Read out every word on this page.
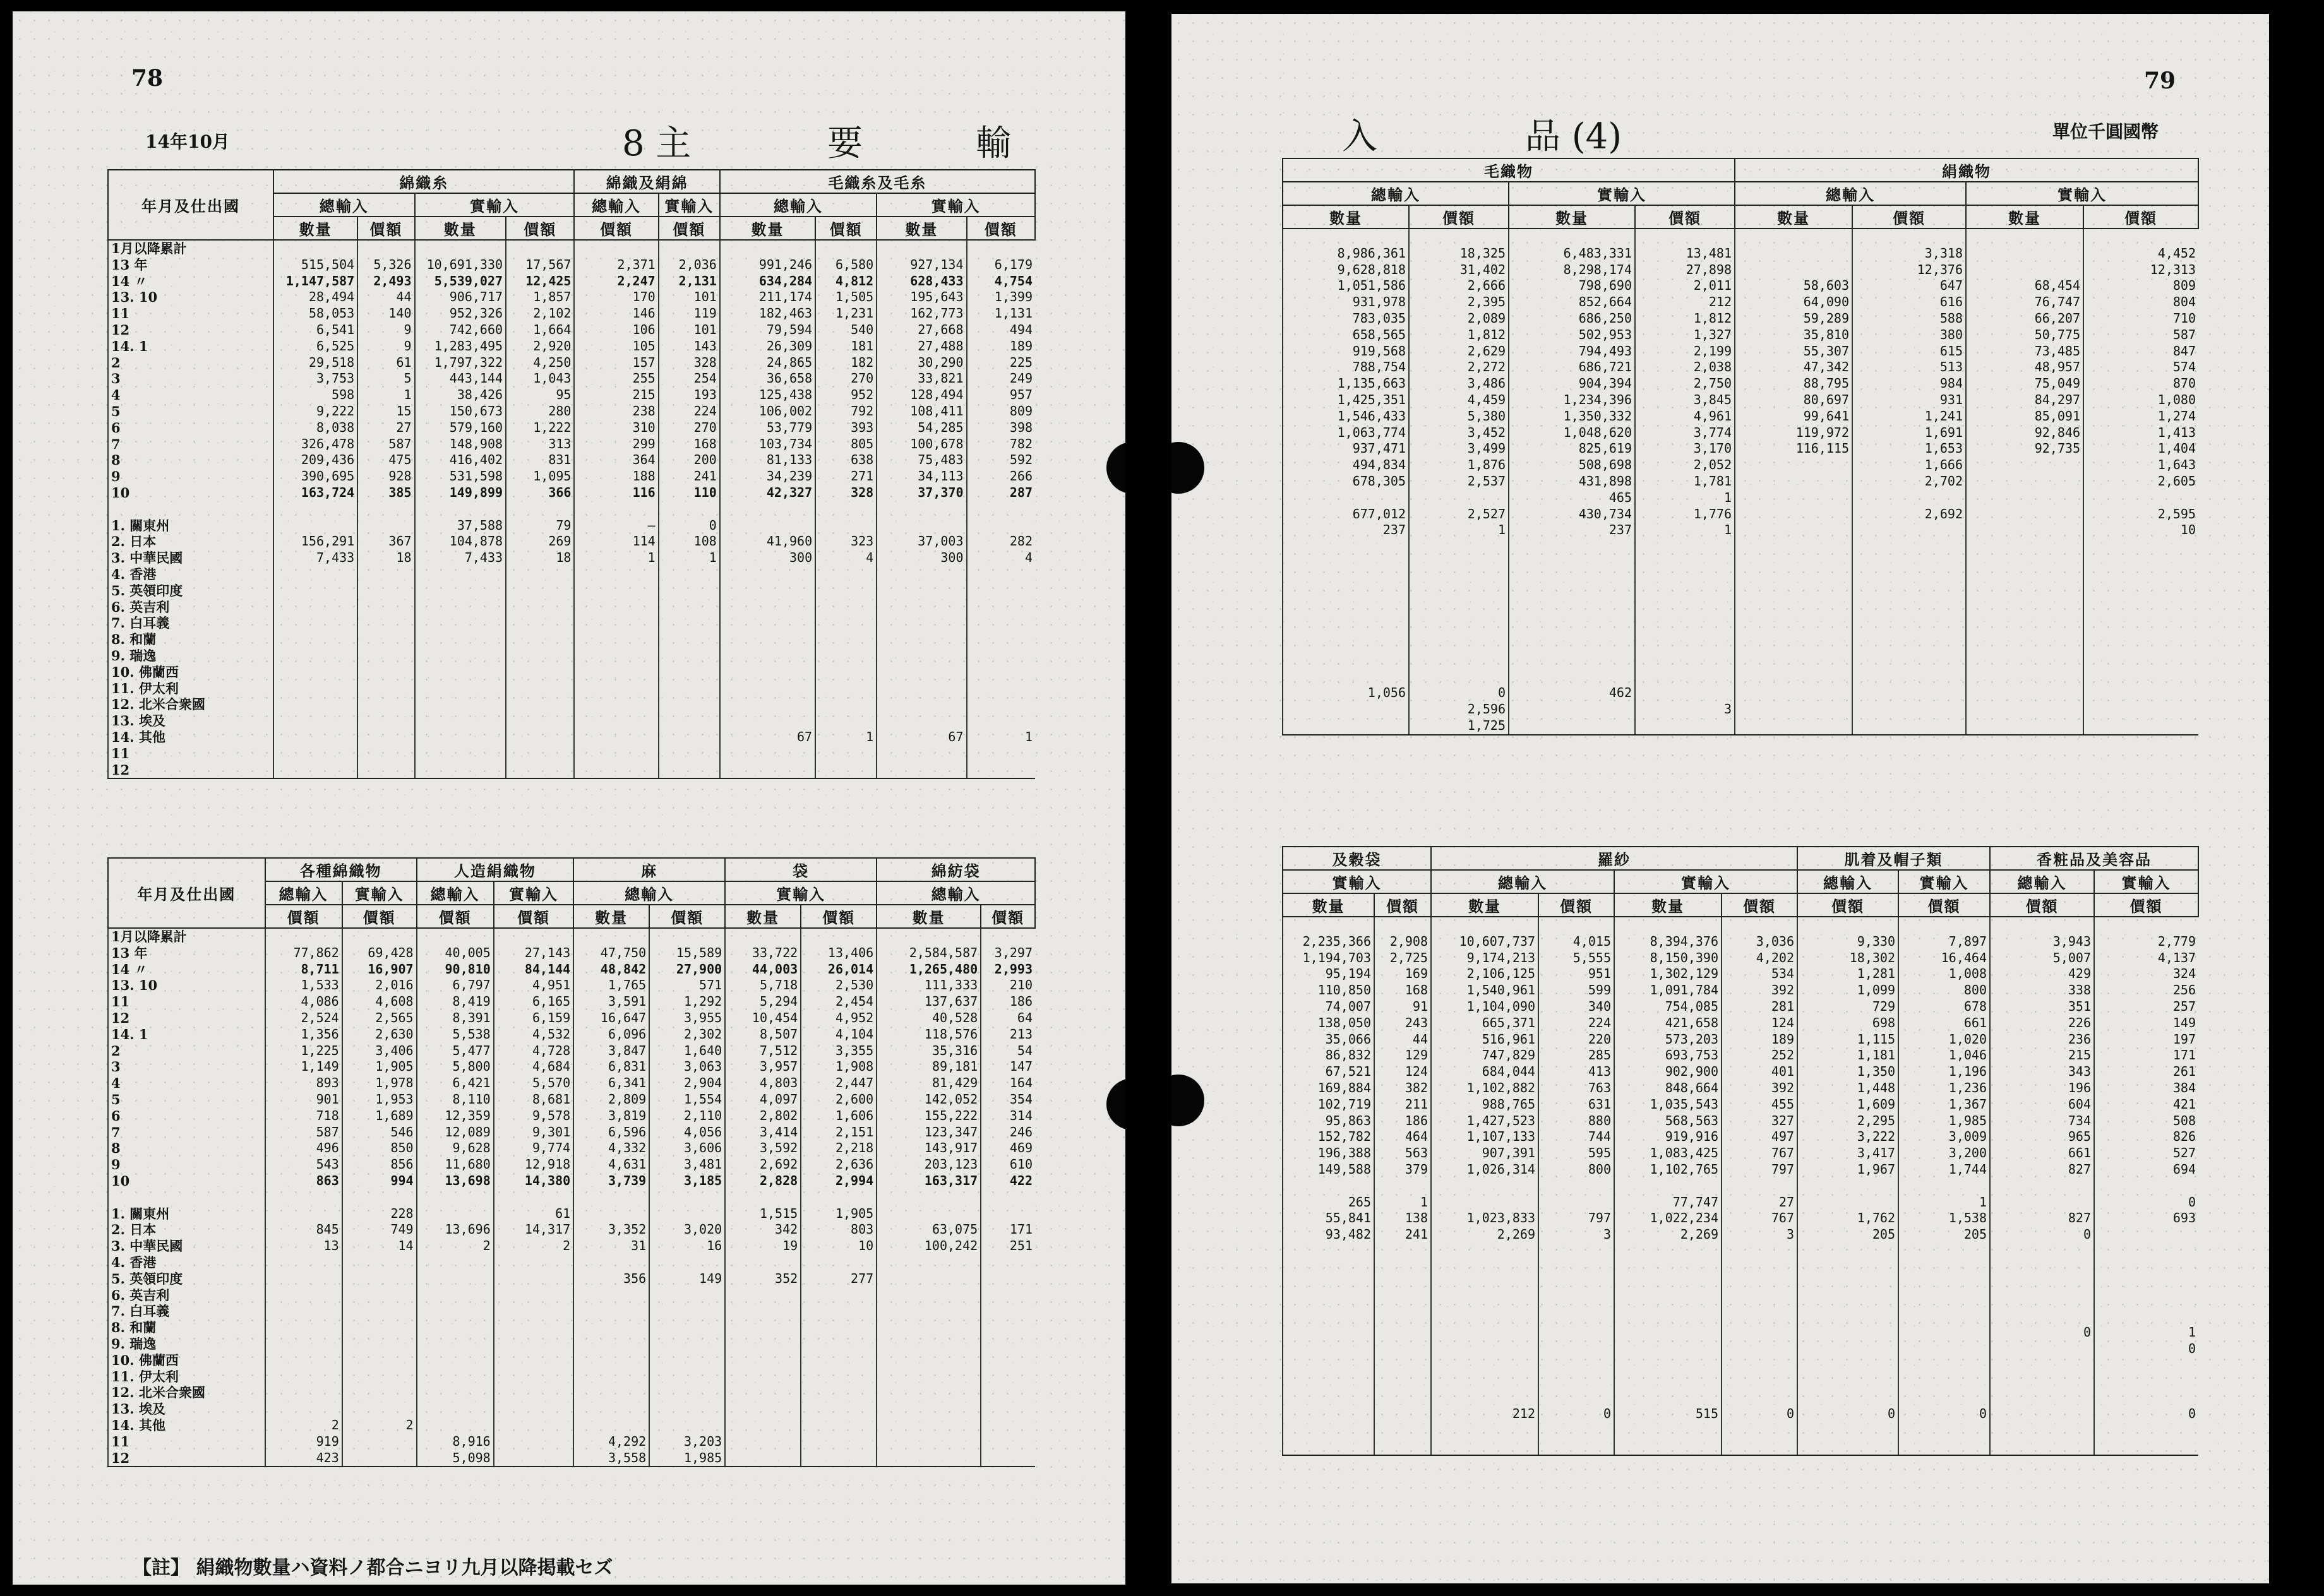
78
14年10月	8 主	要	輸
年月及仕出國	綿織糸				綿織及絹綿		毛織糸及毛糸			
	總輸入		實輸入		總輸入	實輸入	總輸入		實輸入	
	數量	價額	數量	價額	價額	價額	數量	價額	數量	價額
1月以降累計										
13 年	515,504	5,326	10,691,330	17,567	2,371	2,036	991,246	6,580	927,134	6,179
14 〃	1,147,587	2,493	5,539,027	12,425	2,247	2,131	634,284	4,812	628,433	4,754
13. 10	28,494	44	906,717	1,857	170	101	211,174	1,505	195,643	1,399
11	58,053	140	952,326	2,102	146	119	182,463	1,231	162,773	1,131
12	6,541	9	742,660	1,664	106	101	79,594	540	27,668	494
14. 1	6,525	9	1,283,495	2,920	105	143	26,309	181	27,488	189
2	29,518	61	1,797,322	4,250	157	328	24,865	182	30,290	225
3	3,753	5	443,144	1,043	255	254	36,658	270	33,821	249
4	598	1	38,426	95	215	193	125,438	952	128,494	957
5	9,222	15	150,673	280	238	224	106,002	792	108,411	809
6	8,038	27	579,160	1,222	310	270	53,779	393	54,285	398
7	326,478	587	148,908	313	299	168	103,734	805	100,678	782
8	209,436	475	416,402	831	364	200	81,133	638	75,483	592
9	390,695	928	531,598	1,095	188	241	34,239	271	34,113	266
10	163,724	385	149,899	366	116	110	42,327	328	37,370	287

1. 關東州			37,588	79	—	0				
2. 日本	156,291	367	104,878	269	114	108	41,960	323	37,003	282
3. 中華民國	7,433	18	7,433	18	1	1	300	4	300	4
4. 香港										
5. 英領印度										
6. 英吉利										
7. 白耳義										
8. 和蘭										
9. 瑞逸										
10. 佛蘭西										
11. 伊太利										
12. 北米合衆國										
13. 埃及										
14. 其他							67	1	67	1
11										
12										
年月及仕出國	各種綿織物		人造絹織物		麻		袋		綿紡袋	
	總輸入	實輸入	總輸入	實輸入	總輸入		實輸入		總輸入	
	價額	價額	價額	價額	數量	價額	數量	價額	數量	價額
1月以降累計										
13 年	77,862	69,428	40,005	27,143	47,750	15,589	33,722	13,406	2,584,587	3,297
14 〃	8,711	16,907	90,810	84,144	48,842	27,900	44,003	26,014	1,265,480	2,993
13. 10	1,533	2,016	6,797	4,951	1,765	571	5,718	2,530	111,333	210
11	4,086	4,608	8,419	6,165	3,591	1,292	5,294	2,454	137,637	186
12	2,524	2,565	8,391	6,159	16,647	3,955	10,454	4,952	40,528	64
14. 1	1,356	2,630	5,538	4,532	6,096	2,302	8,507	4,104	118,576	213
2	1,225	3,406	5,477	4,728	3,847	1,640	7,512	3,355	35,316	54
3	1,149	1,905	5,800	4,684	6,831	3,063	3,957	1,908	89,181	147
4	893	1,978	6,421	5,570	6,341	2,904	4,803	2,447	81,429	164
5	901	1,953	8,110	8,681	2,809	1,554	4,097	2,600	142,052	354
6	718	1,689	12,359	9,578	3,819	2,110	2,802	1,606	155,222	314
7	587	546	12,089	9,301	6,596	4,056	3,414	2,151	123,347	246
8	496	850	9,628	9,774	4,332	3,606	3,592	2,218	143,917	469
9	543	856	11,680	12,918	4,631	3,481	2,692	2,636	203,123	610
10	863	994	13,698	14,380	3,739	3,185	2,828	2,994	163,317	422

1. 關東州		228		61			1,515	1,905		
2. 日本	845	749	13,696	14,317	3,352	3,020	342	803	63,075	171
3. 中華民國	13	14	2	2	31	16	19	10	100,242	251
4. 香港										
5. 英領印度					356	149	352	277		
6. 英吉利										
7. 白耳義										
8. 和蘭										
9. 瑞逸										
10. 佛蘭西										
11. 伊太利										
12. 北米合衆國										
13. 埃及										
14. 其他	2	2								
11	919		8,916		4,292	3,203				
12	423		5,098		3,558	1,985				
【註】 絹織物數量ハ資料ノ都合ニヨリ九月以降掲載セズ
79
入	品 (4)	單位千圓國幣
毛織物				絹織物			
總輸入		實輸入		總輸入		實輸入	
數量	價額	數量	價額	數量	價額	數量	價額

8,986,361	18,325	6,483,331	13,481		3,318		4,452
9,628,818	31,402	8,298,174	27,898		12,376		12,313
1,051,586	2,666	798,690	2,011	58,603	647	68,454	809
931,978	2,395	852,664	212	64,090	616	76,747	804
783,035	2,089	686,250	1,812	59,289	588	66,207	710
658,565	1,812	502,953	1,327	35,810	380	50,775	587
919,568	2,629	794,493	2,199	55,307	615	73,485	847
788,754	2,272	686,721	2,038	47,342	513	48,957	574
1,135,663	3,486	904,394	2,750	88,795	984	75,049	870
1,425,351	4,459	1,234,396	3,845	80,697	931	84,297	1,080
1,546,433	5,380	1,350,332	4,961	99,641	1,241	85,091	1,274
1,063,774	3,452	1,048,620	3,774	119,972	1,691	92,846	1,413
937,471	3,499	825,619	3,170	116,115	1,653	92,735	1,404
494,834	1,876	508,698	2,052		1,666		1,643
678,305	2,537	431,898	1,781		2,702		2,605
		465	1				
677,012	2,527	430,734	1,776		2,692		2,595
237	1	237	1				10

1,056	0	462					
	2,596		3				
	1,725						
及穀袋		羅紗				肌着及帽子類		香粧品及美容品	
實輸入		總輸入		實輸入		總輸入	實輸入	總輸入	實輸入
數量	價額	數量	價額	數量	價額	價額	價額	價額	價額

2,235,366	2,908	10,607,737	4,015	8,394,376	3,036	9,330	7,897	3,943	2,779
1,194,703	2,725	9,174,213	5,555	8,150,390	4,202	18,302	16,464	5,007	4,137
95,194	169	2,106,125	951	1,302,129	534	1,281	1,008	429	324
110,850	168	1,540,961	599	1,091,784	392	1,099	800	338	256
74,007	91	1,104,090	340	754,085	281	729	678	351	257
138,050	243	665,371	224	421,658	124	698	661	226	149
35,066	44	516,961	220	573,203	189	1,115	1,020	236	197
86,832	129	747,829	285	693,753	252	1,181	1,046	215	171
67,521	124	684,044	413	902,900	401	1,350	1,196	343	261
169,884	382	1,102,882	763	848,664	392	1,448	1,236	196	384
102,719	211	988,765	631	1,035,543	455	1,609	1,367	604	421
95,863	186	1,427,523	880	568,563	327	2,295	1,985	734	508
152,782	464	1,107,133	744	919,916	497	3,222	3,009	965	826
196,388	563	907,391	595	1,083,425	767	3,417	3,200	661	527
149,588	379	1,026,314	800	1,102,765	797	1,967	1,744	827	694

265	1			77,747	27		1		0
55,841	138	1,023,833	797	1,022,234	767	1,762	1,538	827	693
93,482	241	2,269	3	2,269	3	205	205	0	

								0	1
									0

		212	0	515	0	0	0		0
